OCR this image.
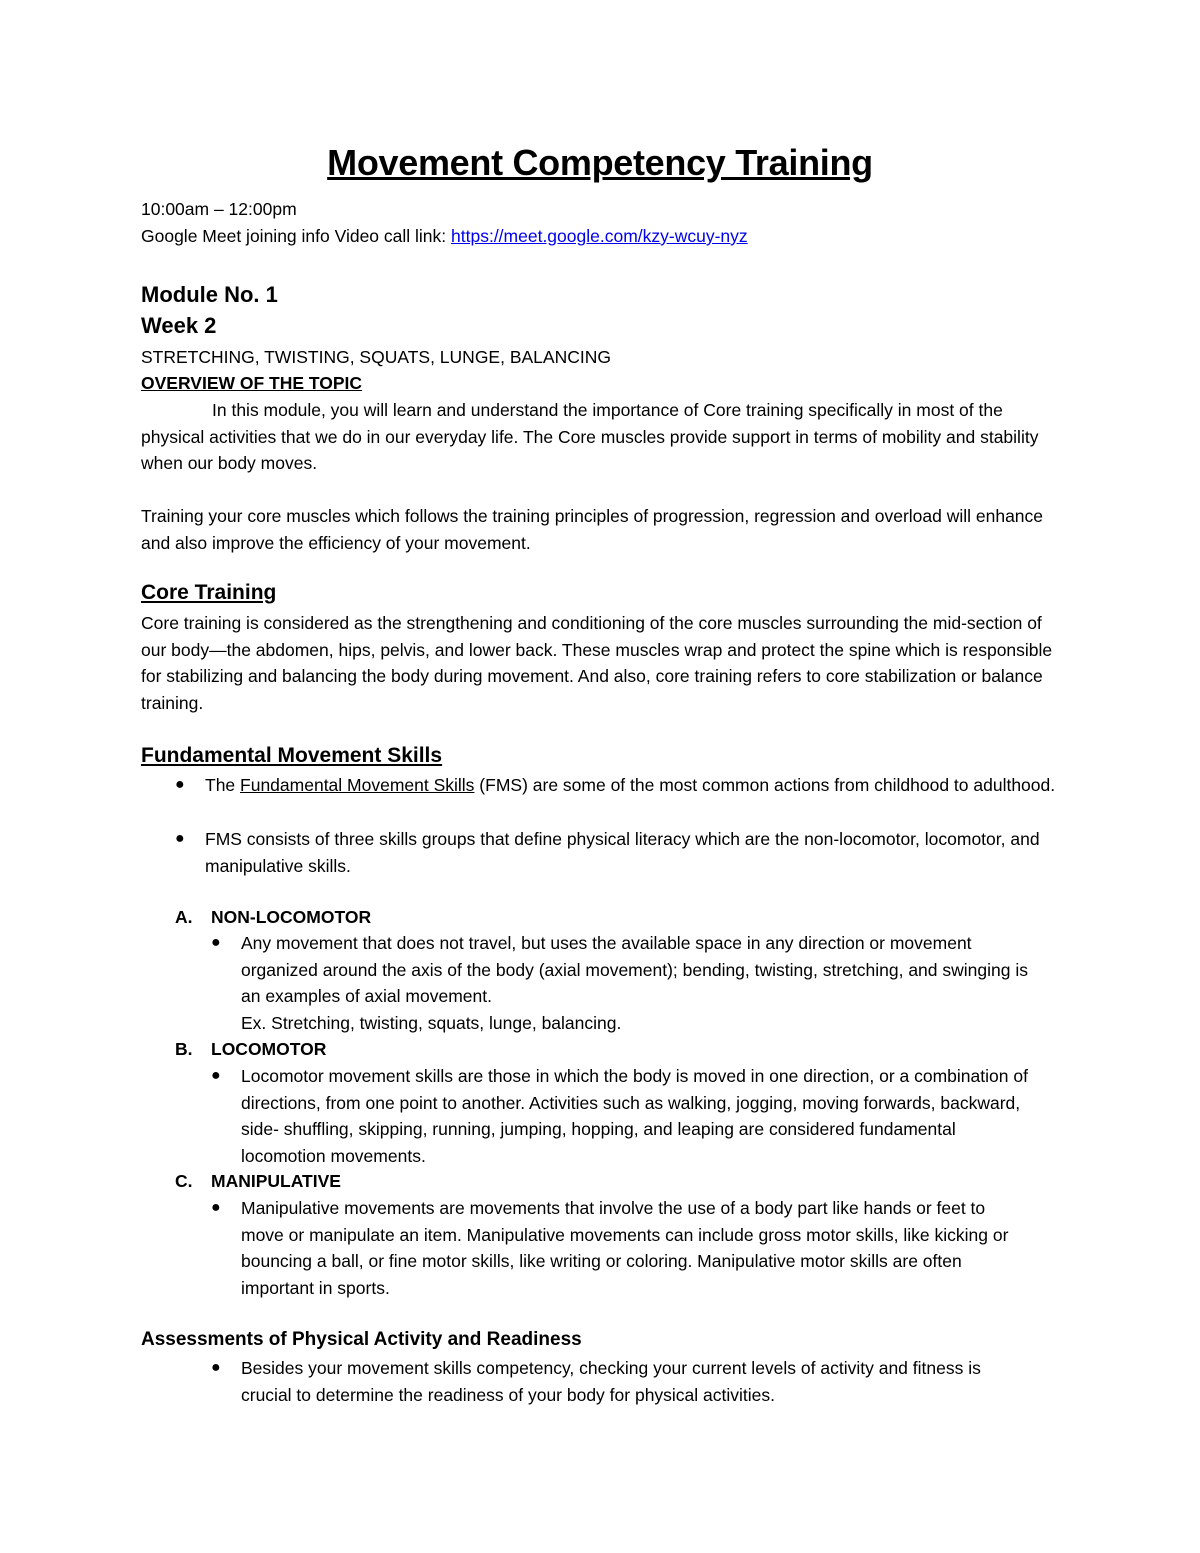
Movement Competency Training
10:00am – 12:00pm
Google Meet joining info Video call link: https://meet.google.com/kzy-wcuy-nyz
Module No. 1
Week 2
STRETCHING, TWISTING, SQUATS, LUNGE, BALANCING
OVERVIEW OF THE TOPIC

In this module, you will learn and understand the importance of Core training specifically in most of the physical activities that we do in our everyday life. The Core muscles provide support in terms of mobility and stability when our body moves.

Training your core muscles which follows the training principles of progression, regression and overload will enhance and also improve the efficiency of your movement.

Core Training

Core training is considered as the strengthening and conditioning of the core muscles surrounding the mid-section of our body—the abdomen, hips, pelvis, and lower back. These muscles wrap and protect the spine which is responsible for stabilizing and balancing the body during movement. And also, core training refers to core stabilization or balance training.

Fundamental Movement Skills
●	The Fundamental Movement Skills (FMS) are some of the most common actions from childhood to adulthood.
●	FMS consists of three skills groups that define physical literacy which are the non-locomotor, locomotor, and manipulative skills.
A.	NON-LOCOMOTOR
●	Any movement that does not travel, but uses the available space in any direction or movement organized around the axis of the body (axial movement); bending, twisting, stretching, and swinging is an examples of axial movement.
Ex. Stretching, twisting, squats, lunge, balancing.
B.	LOCOMOTOR
●	Locomotor movement skills are those in which the body is moved in one direction, or a combination of directions, from one point to another. Activities such as walking, jogging, moving forwards, backward, side- shuffling, skipping, running, jumping, hopping, and leaping are considered fundamental locomotion movements.
C.	MANIPULATIVE
●	Manipulative movements are movements that involve the use of a body part like hands or feet to move or manipulate an item. Manipulative movements can include gross motor skills, like kicking or bouncing a ball, or fine motor skills, like writing or coloring. Manipulative motor skills are often important in sports.
Assessments of Physical Activity and Readiness
●	Besides your movement skills competency, checking your current levels of activity and fitness is crucial to determine the readiness of your body for physical activities.
